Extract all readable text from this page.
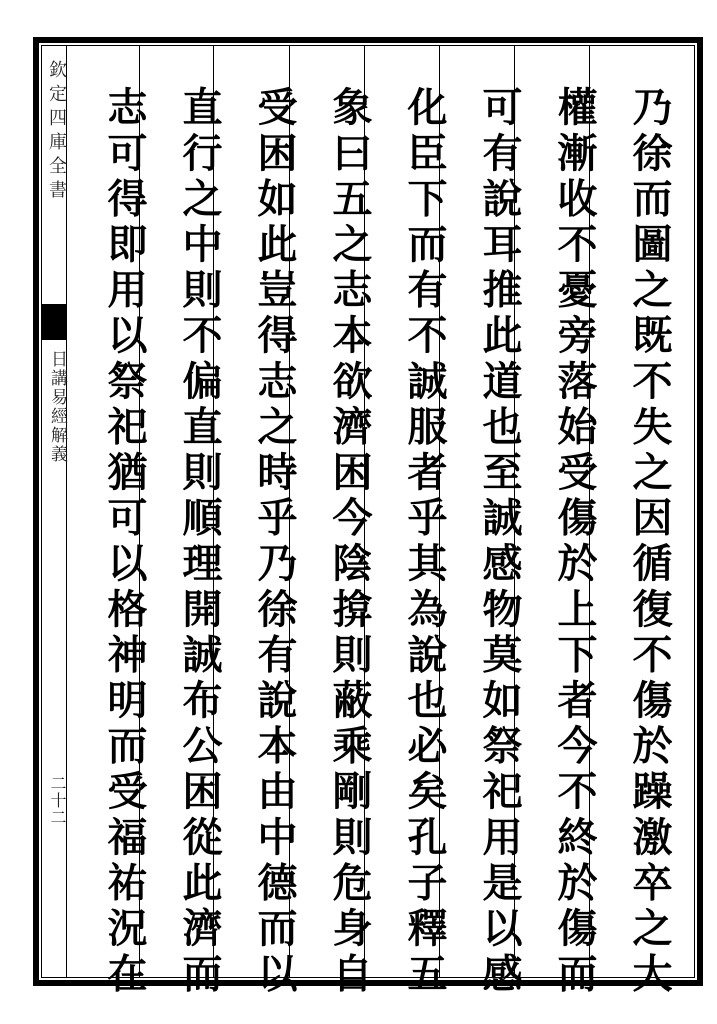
欽定四庫全書
日講易經解義
二十二	乃徐而圖之既不失之因循復不傷於躁激卒之大
權漸收不憂旁落始受傷於上下者今不終於傷而
可有說耳推此道也至誠感物莫如祭祀用是以感
化臣下而有不誠服者乎其為說也必矣孔子釋五
象曰五之志本欲濟困今陰揜則蔽乘剛則危身自
受困如此豈得志之時乎乃徐有說本由中德而以
直行之中則不偏直則順理開誠布公困從此濟而
志可得即用以祭祀猶可以格神明而受福祐況在
